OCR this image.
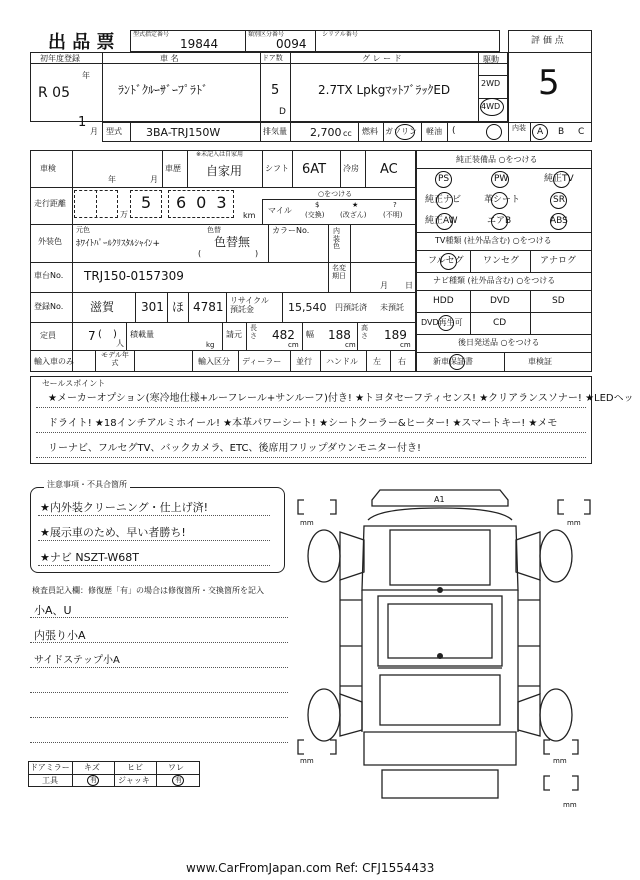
出 品 票	型式指定番号
19844
類別区分番号
0094
シリアル番号
評 価 点
5
初年度登録
年
R 05
1
月
車 名
ﾗﾝﾄﾞｸﾙｰｻﾞｰﾌﾟﾗﾄﾞ
ドア数
5
D
グ レ ー ド
2.7TX LpkgﾏｯﾄﾌﾞﾗｯｸED
駆動
2WD
4WD
型式 3BA-TRJ150W	排気量 2,700 cc 燃料 ガソリン 軽油 (	内装 A B C
車検
年	月
車歴
※未記入は自家用
自家用	シフト 6AT 冷房 AC
走行距離
万
5 603
km
○をつける
マイル
$
(交換)
★
(改ざん)
?
(不明)
外装色
元色	色替
ﾎﾜｲﾄﾊﾟｰﾙｸﾘｽﾀﾙｼｬｲﾝ+	色替無
(	)
カラーNo.	内装色
車台No. TRJ150-0157309
名変期日
月 日
登録No. 滋賀 301 ほ 4781 リサイクル預託金	15,540 円預託済 未預託
定員	7 ( )
人
積載量
kg
請元
長さ 482
cm
幅 188
cm
高さ 189
cm
輸入車のみ
モデル年式	輸入区分 ディーラー 並行 ハンドル 左 右
純正装備品 ○をつける
PS	PW	純正TV
純正ナビ	革シート	SR
純正AW	エアB	ABS
TV種類 (社外品含む) ○をつける
フルセグ ワンセグ アナログ
ナビ種類 (社外品含む) ○をつける
HDD	DVD	SD
DVD再生可	CD
後日発送品 ○をつける
新車保証書	車検証
セールスポイント
★メーカーオプション(寒冷地仕様+ルーフレール+サンルーフ)付き! ★トヨタセーフティセンス! ★クリアランスソナー! ★LEDヘッ
ドライト! ★18インチアルミホイール! ★本革パワーシート! ★シートクーラー&ヒーター! ★スマートキー! ★メモ
リーナビ、フルセグTV、バックカメラ、ETC、後席用フリップダウンモニター付き!
注意事項・不具合箇所
★内外装クリーニング・仕上げ済!
★展示車のため、早い者勝ち!
★ナビ NSZT-W68T
検査員記入欄：修復歴「有」の場合は修復箇所・交換箇所を記入
小A、U
内張り小A
サイドステップ小A
ドアミラー キズ	ヒビ	ワレ
工具	有	ジャッキ	有
A1
mm	mm
mm	mm
mm
www.CarFromJapan.com Ref: CFJ1554433
